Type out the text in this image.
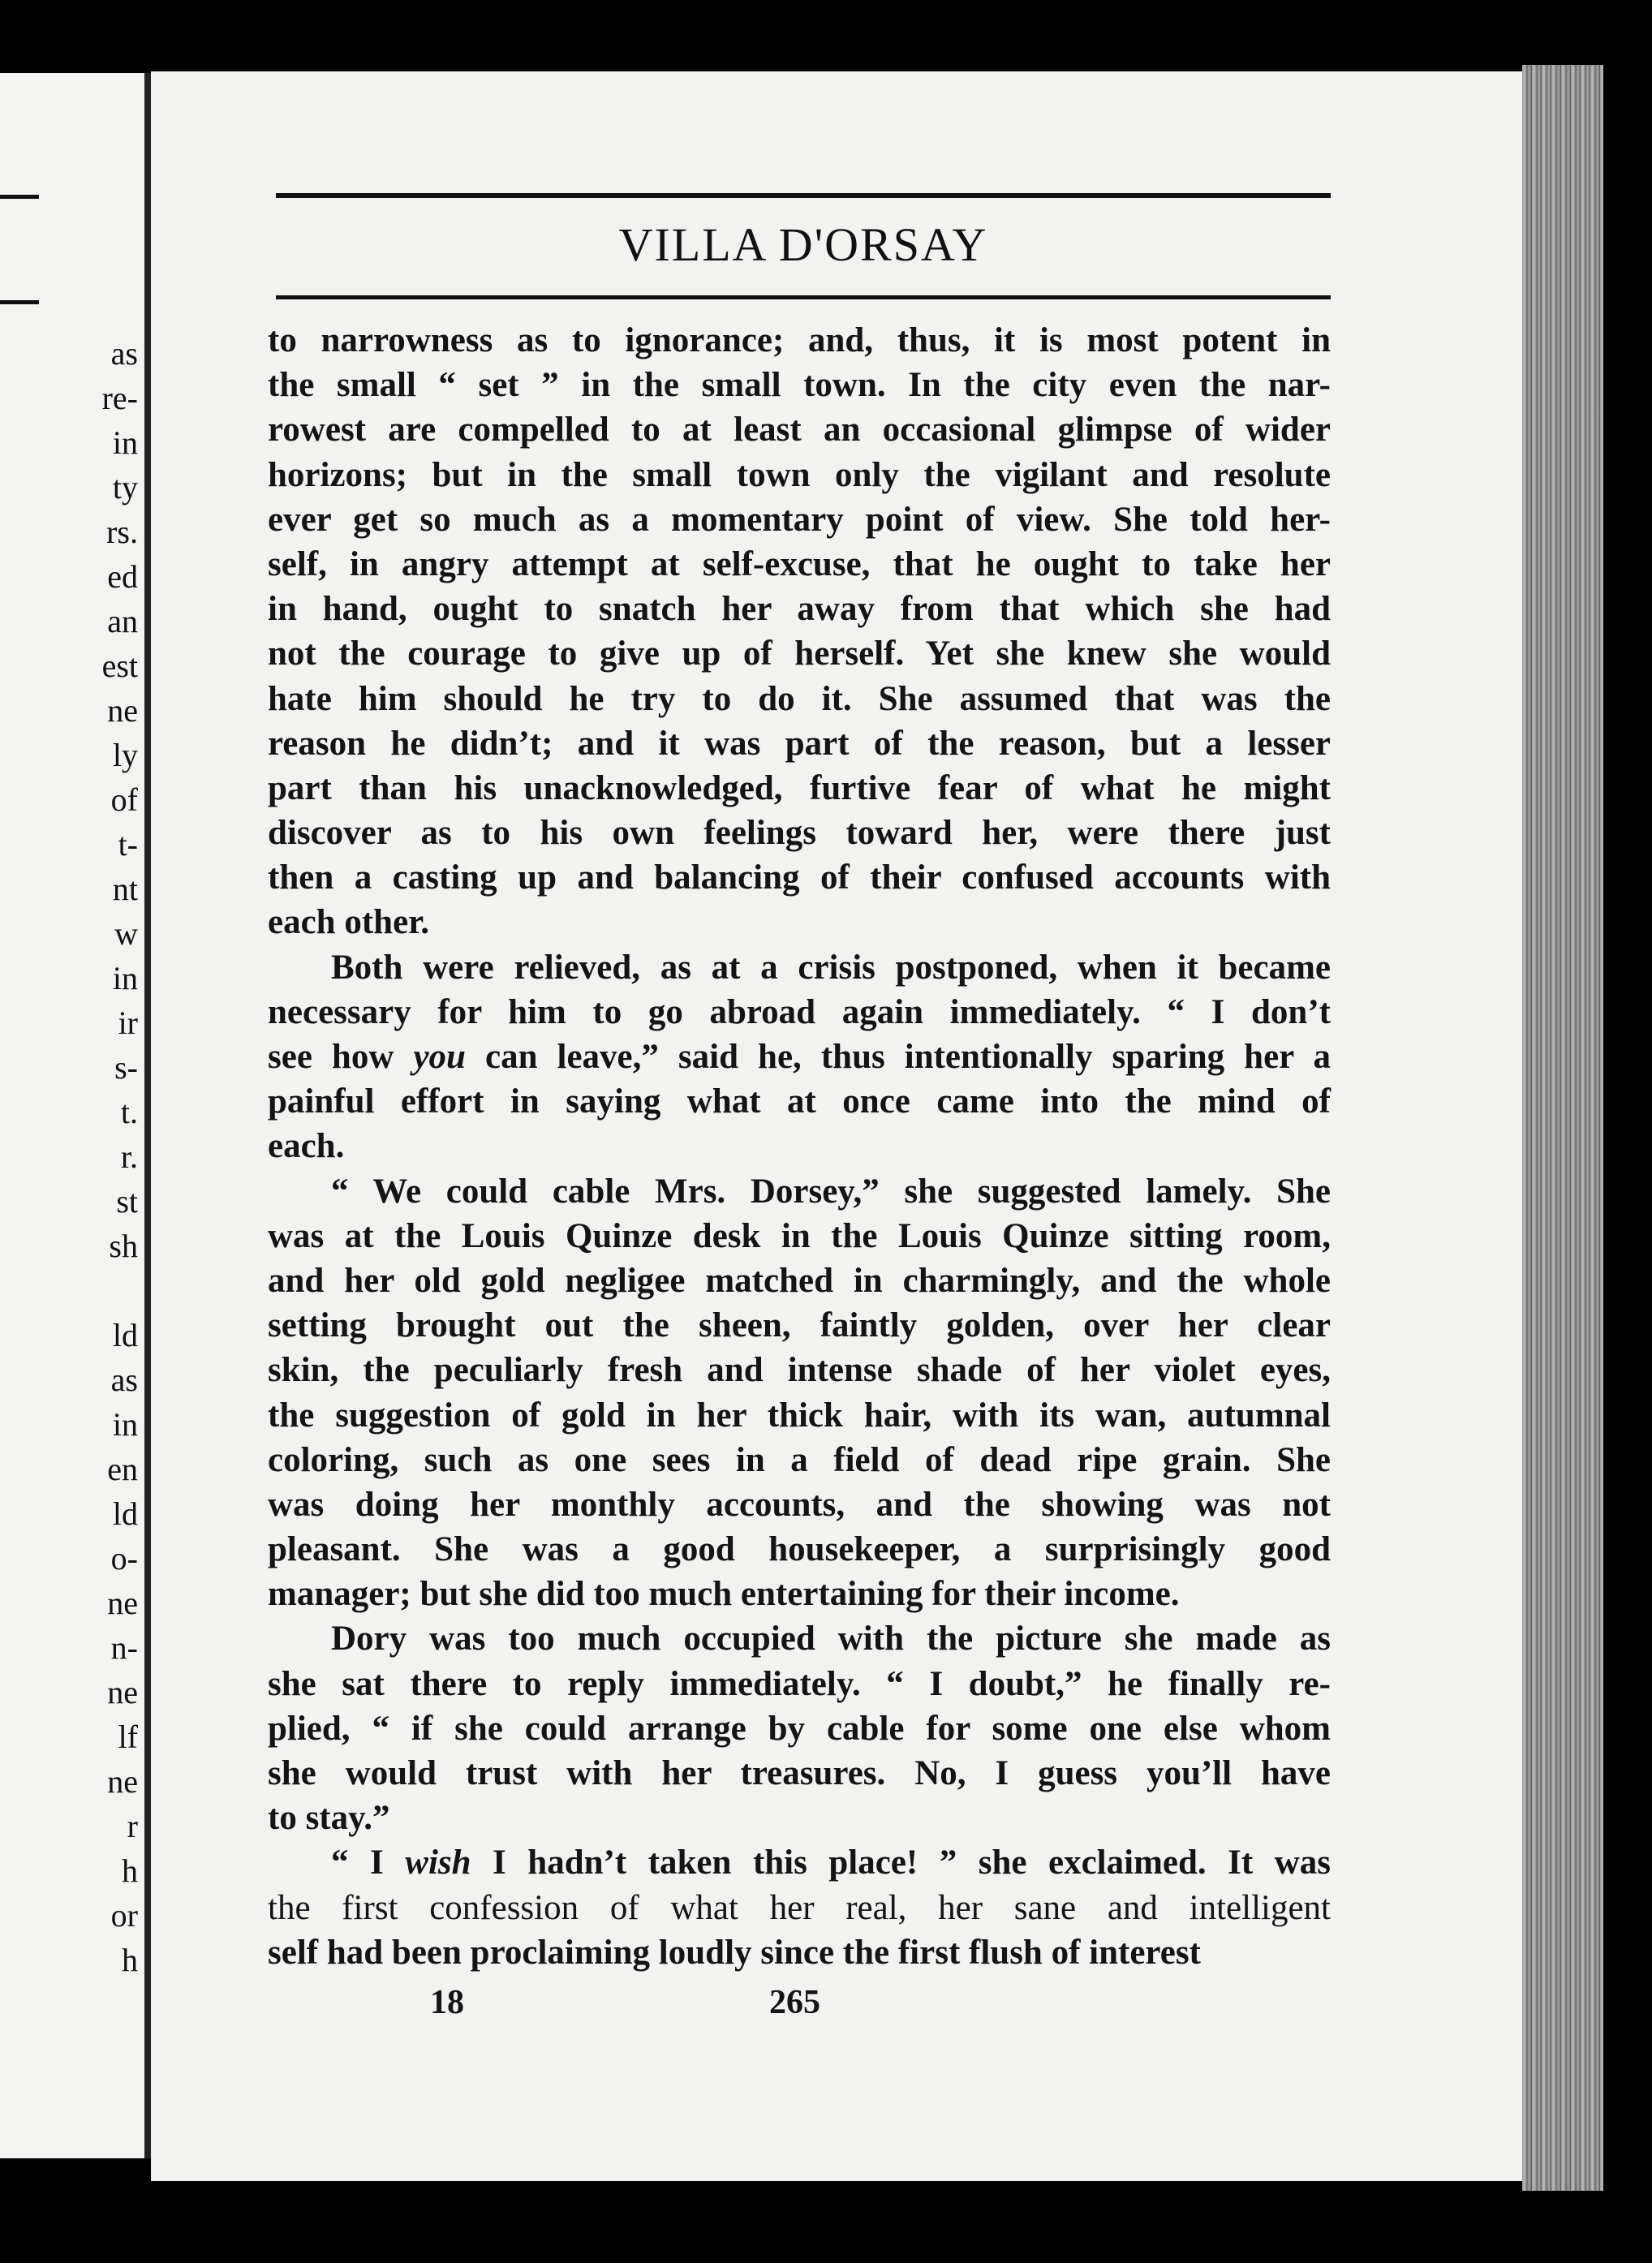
as
re-
in
ty
rs.
ed
an
est
ne
ly
of
t-
nt
w
in
ir
s-
t.
r.
st
sh
ld
as
in
en
ld
o-
ne
n-
ne
lf
ne
r
h
or
h
VILLA D'ORSAY
to narrowness as to ignorance; and, thus, it is most potent in
the small “ set ” in the small town. In the city even the nar-
rowest are compelled to at least an occasional glimpse of wider
horizons; but in the small town only the vigilant and resolute
ever get so much as a momentary point of view. She told her-
self, in angry attempt at self-excuse, that he ought to take her
in hand, ought to snatch her away from that which she had
not the courage to give up of herself. Yet she knew she would
hate him should he try to do it. She assumed that was the
reason he didn’t; and it was part of the reason, but a lesser
part than his unacknowledged, furtive fear of what he might
discover as to his own feelings toward her, were there just
then a casting up and balancing of their confused accounts with
each other.
Both were relieved, as at a crisis postponed, when it became
necessary for him to go abroad again immediately. “ I don’t
see how you can leave,” said he, thus intentionally sparing her a
painful effort in saying what at once came into the mind of
each.
“ We could cable Mrs. Dorsey,” she suggested lamely. She
was at the Louis Quinze desk in the Louis Quinze sitting room,
and her old gold negligee matched in charmingly, and the whole
setting brought out the sheen, faintly golden, over her clear
skin, the peculiarly fresh and intense shade of her violet eyes,
the suggestion of gold in her thick hair, with its wan, autumnal
coloring, such as one sees in a field of dead ripe grain. She
was doing her monthly accounts, and the showing was not
pleasant. She was a good housekeeper, a surprisingly good
manager; but she did too much entertaining for their income.
Dory was too much occupied with the picture she made as
she sat there to reply immediately. “ I doubt,” he finally re-
plied, “ if she could arrange by cable for some one else whom
she would trust with her treasures. No, I guess you’ll have
to stay.”
“ I wish I hadn’t taken this place! ” she exclaimed. It was
the first confession of what her real, her sane and intelligent
self had been proclaiming loudly since the first flush of interest
18	265
